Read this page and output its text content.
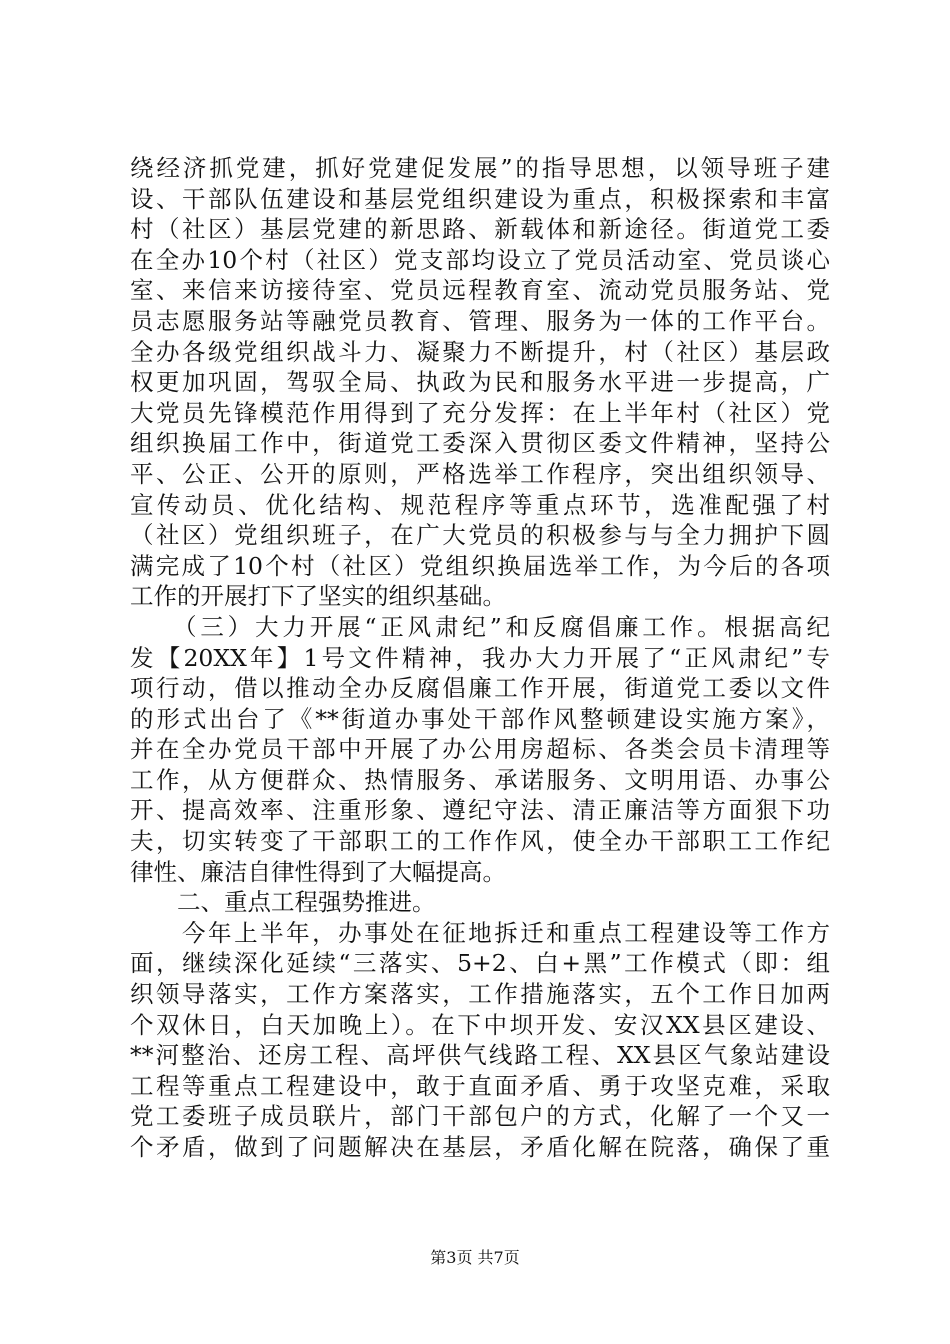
绕经济抓党建，抓好党建促发展”的指导思想，以领导班子建
设、干部队伍建设和基层党组织建设为重点，积极探索和丰富
村（社区）基层党建的新思路、新载体和新途径。街道党工委
在全办10个村（社区）党支部均设立了党员活动室、党员谈心
室、来信来访接待室、党员远程教育室、流动党员服务站、党
员志愿服务站等融党员教育、管理、服务为一体的工作平台。
全办各级党组织战斗力、凝聚力不断提升，村（社区）基层政
权更加巩固，驾驭全局、执政为民和服务水平进一步提高，广
大党员先锋模范作用得到了充分发挥：在上半年村（社区）党
组织换届工作中，街道党工委深入贯彻区委文件精神，坚持公
平、公正、公开的原则，严格选举工作程序，突出组织领导、
宣传动员、优化结构、规范程序等重点环节，选准配强了村
（社区）党组织班子，在广大党员的积极参与与全力拥护下圆
满完成了10个村（社区）党组织换届选举工作，为今后的各项
工作的开展打下了坚实的组织基础。
　　（三）大力开展“正风肃纪”和反腐倡廉工作。根据高纪
发【20XX年】1号文件精神，我办大力开展了“正风肃纪”专
项行动，借以推动全办反腐倡廉工作开展，街道党工委以文件
的形式出台了《**街道办事处干部作风整顿建设实施方案》，
并在全办党员干部中开展了办公用房超标、各类会员卡清理等
工作，从方便群众、热情服务、承诺服务、文明用语、办事公
开、提高效率、注重形象、遵纪守法、清正廉洁等方面狠下功
夫，切实转变了干部职工的工作作风，使全办干部职工工作纪
律性、廉洁自律性得到了大幅提高。
　　二、重点工程强势推进。
　　今年上半年，办事处在征地拆迁和重点工程建设等工作方
面，继续深化延续“三落实、5+2、白+黑”工作模式（即：组
织领导落实，工作方案落实，工作措施落实，五个工作日加两
个双休日，白天加晚上）。在下中坝开发、安汉XX县区建设、
**河整治、还房工程、高坪供气线路工程、XX县区气象站建设
工程等重点工程建设中，敢于直面矛盾、勇于攻坚克难，采取
党工委班子成员联片，部门干部包户的方式，化解了一个又一
个矛盾，做到了问题解决在基层，矛盾化解在院落，确保了重
第3页 共7页
